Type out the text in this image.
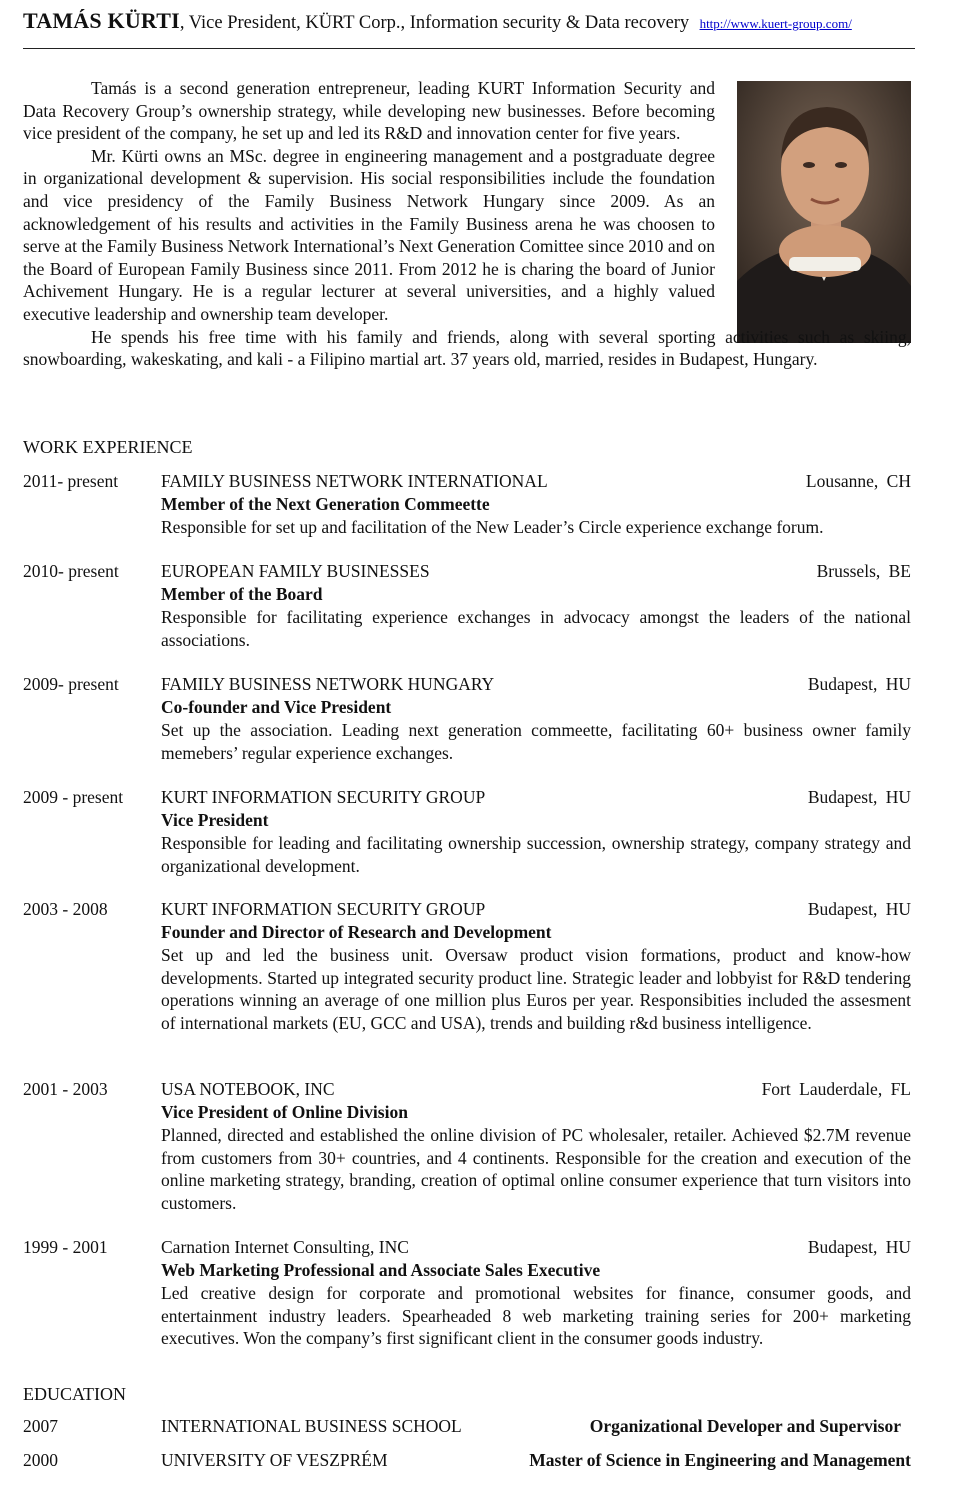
TAMÁS KÜRTI, Vice President, KÜRT Corp., Information security & Data recovery http://www.kuert-group.com/

Tamás is a second generation entrepreneur, leading KURT Information Security and Data Recovery Group’s ownership strategy, while developing new businesses. Before becoming vice president of the company, he set up and led its R&D and innovation center for five years.

Mr. Kürti owns an MSc. degree in engineering management and a postgraduate degree in organizational development & supervision. His social responsibilities include the foundation and vice presidency of the Family Business Network Hungary since 2009. As an acknowledgement of his results and activities in the Family Business arena he was choosen to serve at the Family Business Network International’s Next Generation Comittee since 2010 and on the Board of European Family Business since 2011. From 2012 he is charing the board of Junior Achivement Hungary. He is a regular lecturer at several universities, and a highly valued executive leadership and ownership team developer.

He spends his free time with his family and friends, along with several sporting activities such as skiing, snowboarding, wakeskating, and kali - a Filipino martial art. 37 years old, married, resides in Budapest, Hungary.

WORK EXPERIENCE
2011- present FAMILY BUSINESS NETWORK INTERNATIONAL	Lousanne, CH
Member of the Next Generation Commeette
Responsible for set up and facilitation of the New Leader’s Circle experience exchange forum.
2010- present EUROPEAN FAMILY BUSINESSES	Brussels, BE
Member of the Board
Responsible for facilitating experience exchanges in advocacy amongst the leaders of the national associations.
2009- present FAMILY BUSINESS NETWORK HUNGARY	Budapest, HU
Co-founder and Vice President
Set up the association. Leading next generation commeette, facilitating 60+ business owner family memebers’ regular experience exchanges.
2009 - present KURT INFORMATION SECURITY GROUP	Budapest, HU
Vice President
Responsible for leading and facilitating ownership succession, ownership strategy, company strategy and organizational development.
2003 - 2008	KURT INFORMATION SECURITY GROUP	Budapest, HU
Founder and Director of Research and Development
Set up and led the business unit. Oversaw product vision formations, product and know-how developments. Started up integrated security product line. Strategic leader and lobbyist for R&D tendering operations winning an average of one million plus Euros per year. Responsibities included the assesment of international markets (EU, GCC and USA), trends and building r&d business intelligence.
2001 - 2003	USA NOTEBOOK, INC	Fort Lauderdale, FL
Vice President of Online Division
Planned, directed and established the online division of PC wholesaler, retailer. Achieved $2.7M revenue from customers from 30+ countries, and 4 continents. Responsible for the creation and execution of the online marketing strategy, branding, creation of optimal online consumer experience that turn visitors into customers.
1999 - 2001	Carnation Internet Consulting, INC	Budapest, HU
Web Marketing Professional and Associate Sales Executive
Led creative design for corporate and promotional websites for finance, consumer goods, and entertainment industry leaders. Spearheaded 8 web marketing training series for 200+ marketing executives. Won the company’s first significant client in the consumer goods industry.
EDUCATION
2007	INTERNATIONAL BUSINESS SCHOOL	Organizational Developer and Supervisor
2000	UNIVERSITY OF VESZPRÉM	Master of Science in Engineering and Management
